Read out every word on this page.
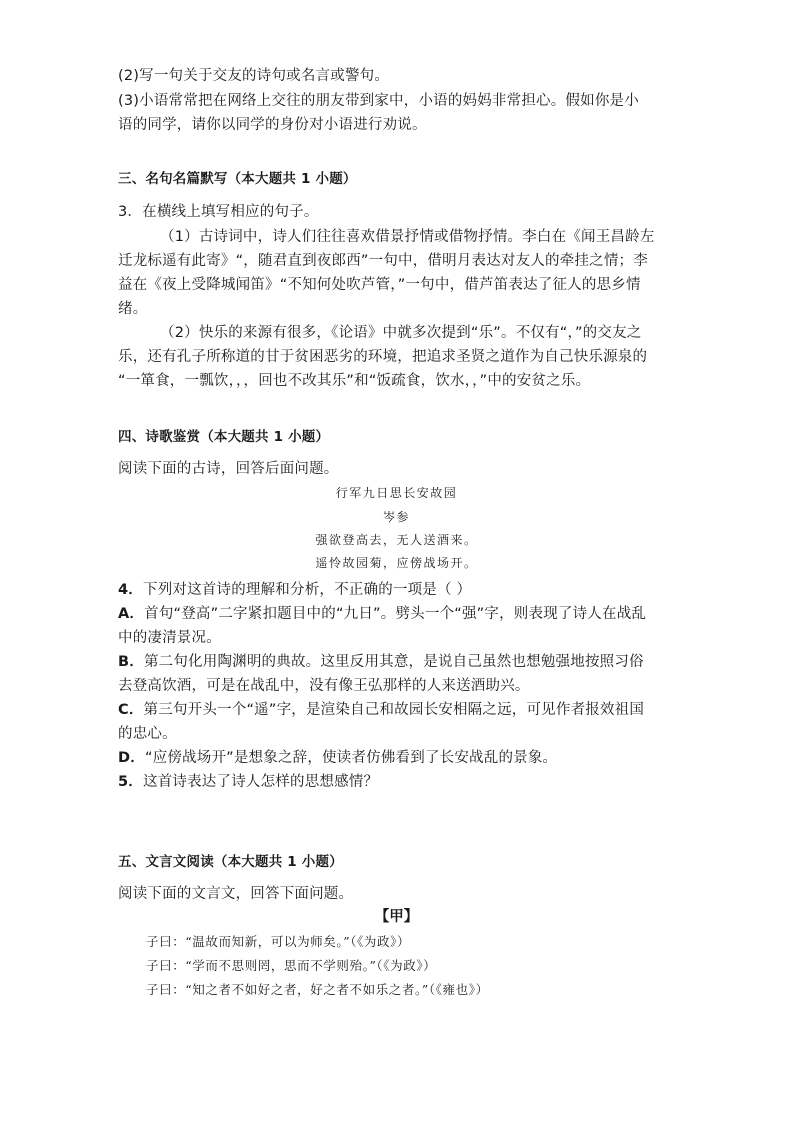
(2)写一句关于交友的诗句或名言或警句。
(3)小语常常把在网络上交往的朋友带到家中，小语的妈妈非常担心。假如你是小
语的同学，请你以同学的身份对小语进行劝说。
三、名句名篇默写（本大题共 1 小题）
3．在横线上填写相应的句子。
（1）古诗词中，诗人们往往喜欢借景抒情或借物抒情。李白在《闻王昌龄左
迁龙标遥有此寄》“，随君直到夜郎西”一句中，借明月表达对友人的牵挂之情；李
益在《夜上受降城闻笛》“不知何处吹芦管，”一句中，借芦笛表达了征人的思乡情
绪。
（2）快乐的来源有很多，《论语》中就多次提到“乐”。不仅有“，”的交友之
乐，还有孔子所称道的甘于贫困恶劣的环境，把追求圣贤之道作为自己快乐源泉的
“一箪食，一瓢饮，，，回也不改其乐”和“饭疏食，饮水，，”中的安贫之乐。
四、诗歌鉴赏（本大题共 1 小题）
阅读下面的古诗，回答后面问题。
行军九日思长安故园
岑参
强欲登高去，无人送酒来。
遥怜故园菊，应傍战场开。
4．下列对这首诗的理解和分析，不正确的一项是（ ）
A．首句“登高”二字紧扣题目中的“九日”。劈头一个“强”字，则表现了诗人在战乱
中的凄清景况。
B．第二句化用陶渊明的典故。这里反用其意，是说自己虽然也想勉强地按照习俗
去登高饮酒，可是在战乱中，没有像王弘那样的人来送酒助兴。
C．第三句开头一个“遥”字，是渲染自己和故园长安相隔之远，可见作者报效祖国
的忠心。
D．“应傍战场开”是想象之辞，使读者仿佛看到了长安战乱的景象。
5．这首诗表达了诗人怎样的思想感情？
五、文言文阅读（本大题共 1 小题）
阅读下面的文言文，回答下面问题。
【甲】
子曰：“温故而知新，可以为师矣。”（《为政》）
子曰：“学而不思则罔，思而不学则殆。”（《为政》）
子曰：“知之者不如好之者，好之者不如乐之者。”（《雍也》）
